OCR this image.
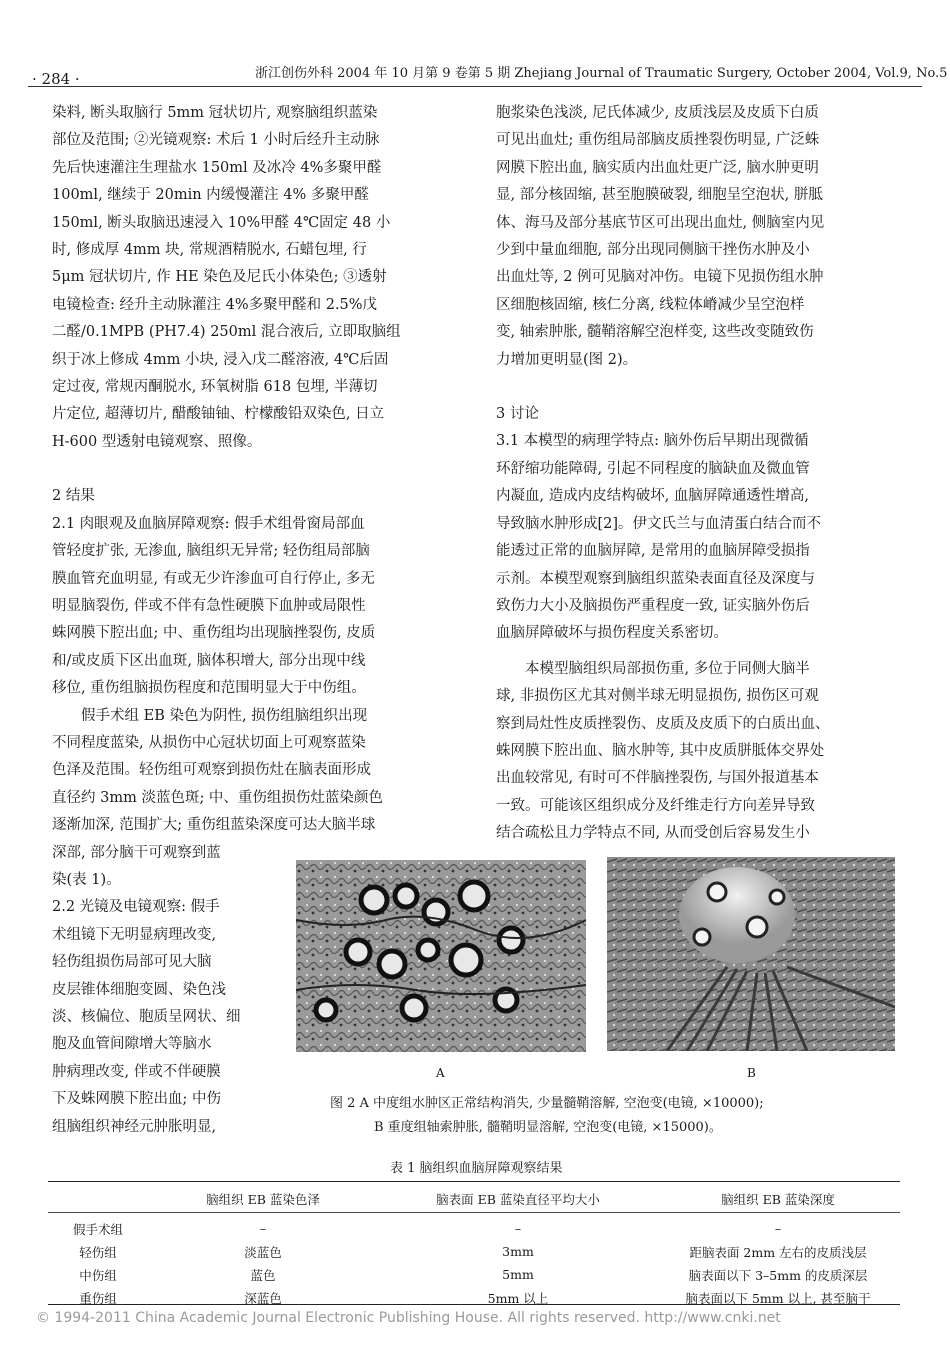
· 284 ·	浙江创伤外科 2004 年 10 月第 9 卷第 5 期 Zhejiang Journal of Traumatic Surgery, October 2004, Vol.9, No.5

染料, 断头取脑行 5mm 冠状切片, 观察脑组织蓝染
部位及范围; ②光镜观察: 术后 1 小时后经升主动脉
先后快速灌注生理盐水 150ml 及冰冷 4%多聚甲醛
100ml, 继续于 20min 内缓慢灌注 4% 多聚甲醛
150ml, 断头取脑迅速浸入 10%甲醛 4℃固定 48 小
时, 修成厚 4mm 块, 常规酒精脱水, 石蜡包埋, 行
5μm 冠状切片, 作 HE 染色及尼氏小体染色; ③透射
电镜检查: 经升主动脉灌注 4%多聚甲醛和 2.5%戊
二醛/0.1MPB (PH7.4) 250ml 混合液后, 立即取脑组
织于冰上修成 4mm 小块, 浸入戊二醛溶液, 4℃后固
定过夜, 常规丙酮脱水, 环氧树脂 618 包埋, 半薄切
片定位, 超薄切片, 醋酸铀铀、柠檬酸铅双染色, 日立
H-600 型透射电镜观察、照像。

2 结果

2.1 肉眼观及血脑屏障观察: 假手术组骨窗局部血
管轻度扩张, 无渗血, 脑组织无异常; 轻伤组局部脑
膜血管充血明显, 有或无少许渗血可自行停止, 多无
明显脑裂伤, 伴或不伴有急性硬膜下血肿或局限性
蛛网膜下腔出血; 中、重伤组均出现脑挫裂伤, 皮质
和/或皮质下区出血斑, 脑体积增大, 部分出现中线
移位, 重伤组脑损伤程度和范围明显大于中伤组。

假手术组 EB 染色为阴性, 损伤组脑组织出现
不同程度蓝染, 从损伤中心冠状切面上可观察蓝染
色泽及范围。轻伤组可观察到损伤灶在脑表面形成
直径约 3mm 淡蓝色斑; 中、重伤组损伤灶蓝染颜色
逐渐加深, 范围扩大; 重伤组蓝染深度可达大脑半球
深部, 部分脑干可观察到蓝
染(表 1)。

2.2 光镜及电镜观察: 假手
术组镜下无明显病理改变,
轻伤组损伤局部可见大脑
皮层锥体细胞变圆、染色浅
淡、核偏位、胞质呈网状、细
胞及血管间隙增大等脑水
肿病理改变, 伴或不伴硬膜
下及蛛网膜下腔出血; 中伤
组脑组织神经元肿胀明显,

胞浆染色浅淡, 尼氏体减少, 皮质浅层及皮质下白质
可见出血灶; 重伤组局部脑皮质挫裂伤明显, 广泛蛛
网膜下腔出血, 脑实质内出血灶更广泛, 脑水肿更明
显, 部分核固缩, 甚至胞膜破裂, 细胞呈空泡状, 胼胝
体、海马及部分基底节区可出现出血灶, 侧脑室内见
少到中量血细胞, 部分出现同侧脑干挫伤水肿及小
出血灶等, 2 例可见脑对冲伤。电镜下见损伤组水肿
区细胞核固缩, 核仁分离, 线粒体嵴减少呈空泡样
变, 轴索肿胀, 髓鞘溶解空泡样变, 这些改变随致伤
力增加更明显(图 2)。

3 讨论

3.1 本模型的病理学特点: 脑外伤后早期出现微循
环舒缩功能障碍, 引起不同程度的脑缺血及微血管
内凝血, 造成内皮结构破坏, 血脑屏障通透性增高,
导致脑水肿形成[2]。伊文氏兰与血清蛋白结合而不
能透过正常的血脑屏障, 是常用的血脑屏障受损指
示剂。本模型观察到脑组织蓝染表面直径及深度与
致伤力大小及脑损伤严重程度一致, 证实脑外伤后
血脑屏障破坏与损伤程度关系密切。

本模型脑组织局部损伤重, 多位于同侧大脑半
球, 非损伤区尤其对侧半球无明显损伤, 损伤区可观
察到局灶性皮质挫裂伤、皮质及皮质下的白质出血、
蛛网膜下腔出血、脑水肿等, 其中皮质胼胝体交界处
出血较常见, 有时可不伴脑挫裂伤, 与国外报道基本
一致。可能该区组织成分及纤维走行方向差异导致
结合疏松且力学特点不同, 从而受创后容易发生小

A	B
图 2 A 中度组水肿区正常结构消失, 少量髓鞘溶解, 空泡变(电镜, ×10000);
B 重度组轴索肿胀, 髓鞘明显溶解, 空泡变(电镜, ×15000)。
表 1 脑组织血脑屏障观察结果
	脑组织 EB 蓝染色泽	脑表面 EB 蓝染直径平均大小	脑组织 EB 蓝染深度
假手术组	–	–	–
轻伤组	淡蓝色	3mm	距脑表面 2mm 左右的皮质浅层
中伤组	蓝色	5mm	脑表面以下 3–5mm 的皮质深层
重伤组	深蓝色	5mm 以上	脑表面以下 5mm 以上, 甚至脑干
© 1994-2011 China Academic Journal Electronic Publishing House. All rights reserved. http://www.cnki.net
